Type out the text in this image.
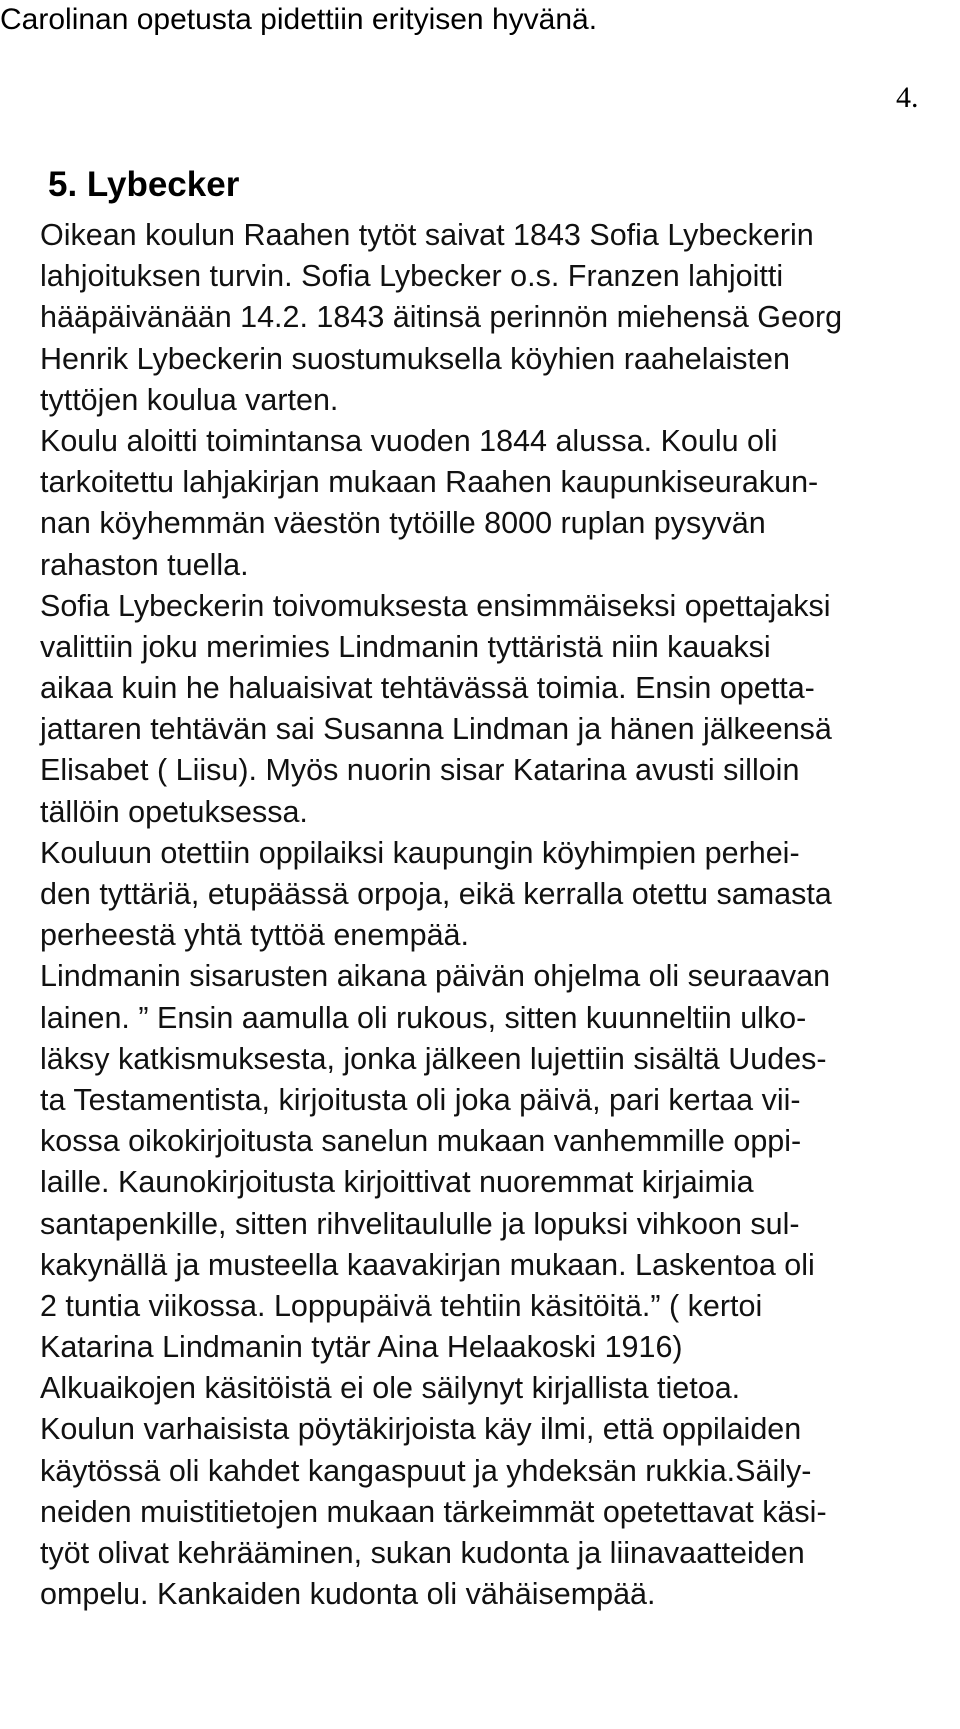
Carolinan opetusta pidettiin erityisen hyvänä.
4.
5. Lybecker
Oikean koulun Raahen tytöt saivat 1843 Sofia Lybeckerin
lahjoituksen turvin. Sofia Lybecker o.s. Franzen lahjoitti
hääpäivänään 14.2. 1843 äitinsä perinnön miehensä Georg
Henrik Lybeckerin suostumuksella köyhien raahelaisten
tyttöjen koulua varten.
Koulu aloitti toimintansa vuoden 1844 alussa. Koulu oli
tarkoitettu lahjakirjan mukaan Raahen kaupunkiseurakun-
nan köyhemmän väestön tytöille 8000 ruplan pysyvän
rahaston tuella.
Sofia Lybeckerin toivomuksesta ensimmäiseksi opettajaksi
valittiin joku merimies Lindmanin tyttäristä niin kauaksi
aikaa kuin he haluaisivat tehtävässä toimia. Ensin opetta-
jattaren tehtävän sai Susanna Lindman ja hänen jälkeensä
Elisabet ( Liisu). Myös nuorin sisar Katarina avusti silloin
tällöin opetuksessa.
Kouluun otettiin oppilaiksi kaupungin köyhimpien perhei-
den tyttäriä, etupäässä orpoja, eikä kerralla otettu samasta
perheestä yhtä tyttöä enempää.
Lindmanin sisarusten aikana päivän ohjelma oli seuraavan
lainen. ” Ensin aamulla oli rukous, sitten kuunneltiin ulko-
läksy katkismuksesta, jonka jälkeen lujettiin sisältä Uudes-
ta Testamentista, kirjoitusta oli joka päivä, pari kertaa vii-
kossa oikokirjoitusta sanelun mukaan vanhemmille oppi-
laille. Kaunokirjoitusta kirjoittivat nuoremmat kirjaimia
santapenkille, sitten rihvelitaululle ja lopuksi vihkoon sul-
kakynällä ja musteella kaavakirjan mukaan. Laskentoa oli
2 tuntia viikossa. Loppupäivä tehtiin käsitöitä.” ( kertoi
Katarina Lindmanin tytär Aina Helaakoski 1916)
Alkuaikojen käsitöistä ei ole säilynyt kirjallista tietoa.
Koulun varhaisista pöytäkirjoista käy ilmi, että oppilaiden
käytössä oli kahdet kangaspuut ja yhdeksän rukkia.Säily-
neiden muistitietojen mukaan tärkeimmät opetettavat käsi-
työt olivat kehrääminen, sukan kudonta ja liinavaatteiden
ompelu. Kankaiden kudonta oli vähäisempää.
